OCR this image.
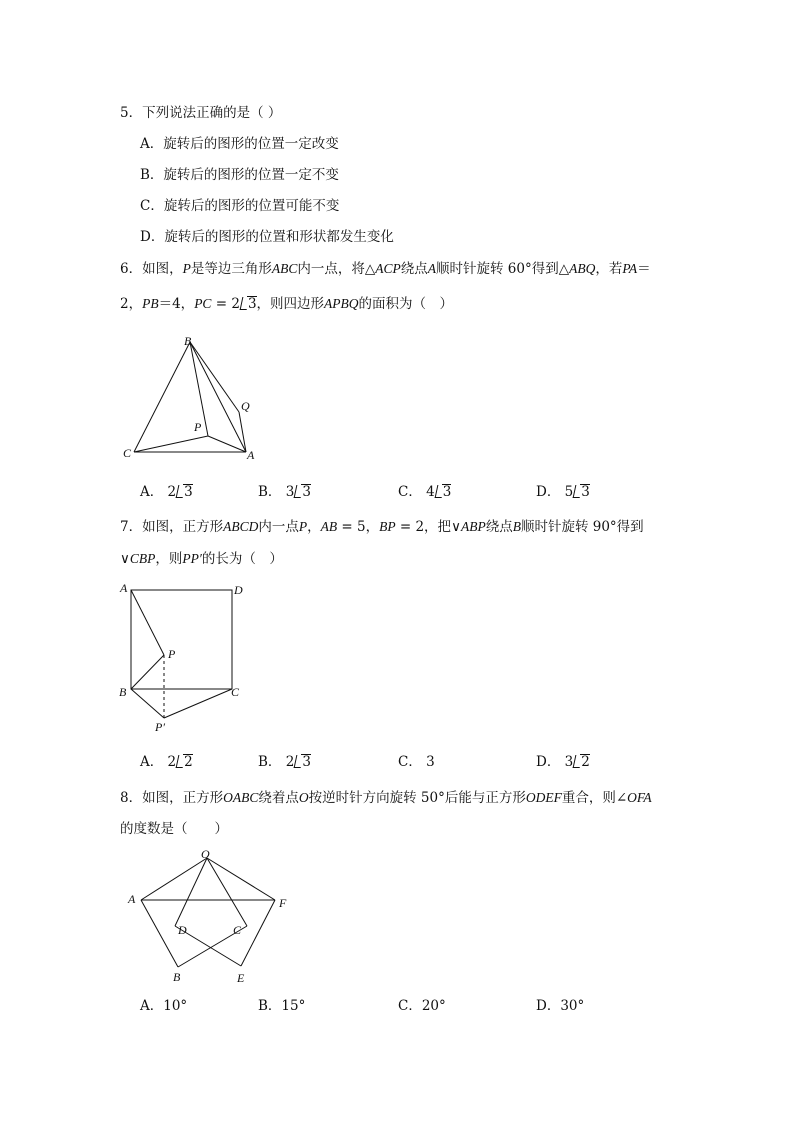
5．下列说法正确的是（ ）
A．旋转后的图形的位置一定改变
B．旋转后的图形的位置一定不变
C．旋转后的图形的位置可能不变
D．旋转后的图形的位置和形状都发生变化
6．如图，P是等边三角形ABC内一点，将△ACP绕点A顺时针旋转 60°得到△ABQ，若PA＝
2，PB＝4，PC = 2 3，则四边形APBQ的面积为（　）
B
Q
P
C	A
A． 2 3	B． 3 3	C． 4 3	D． 5 3
7．如图，正方形ABCD内一点P，AB = 5，BP = 2，把∨ABP绕点B顺时针旋转 90°得到
∨CBP，则PP′的长为（　）
A	D
P
B	C
P′
A． 2 2	B． 2 3	C． 3	D． 3 2
8．如图，正方形OABC绕着点O按逆时针方向旋转 50°后能与正方形ODEF重合，则∠OFA
的度数是（　　）
O
A	F
D	C
B	E
A．10°	B．15°	C．20°	D．30°
